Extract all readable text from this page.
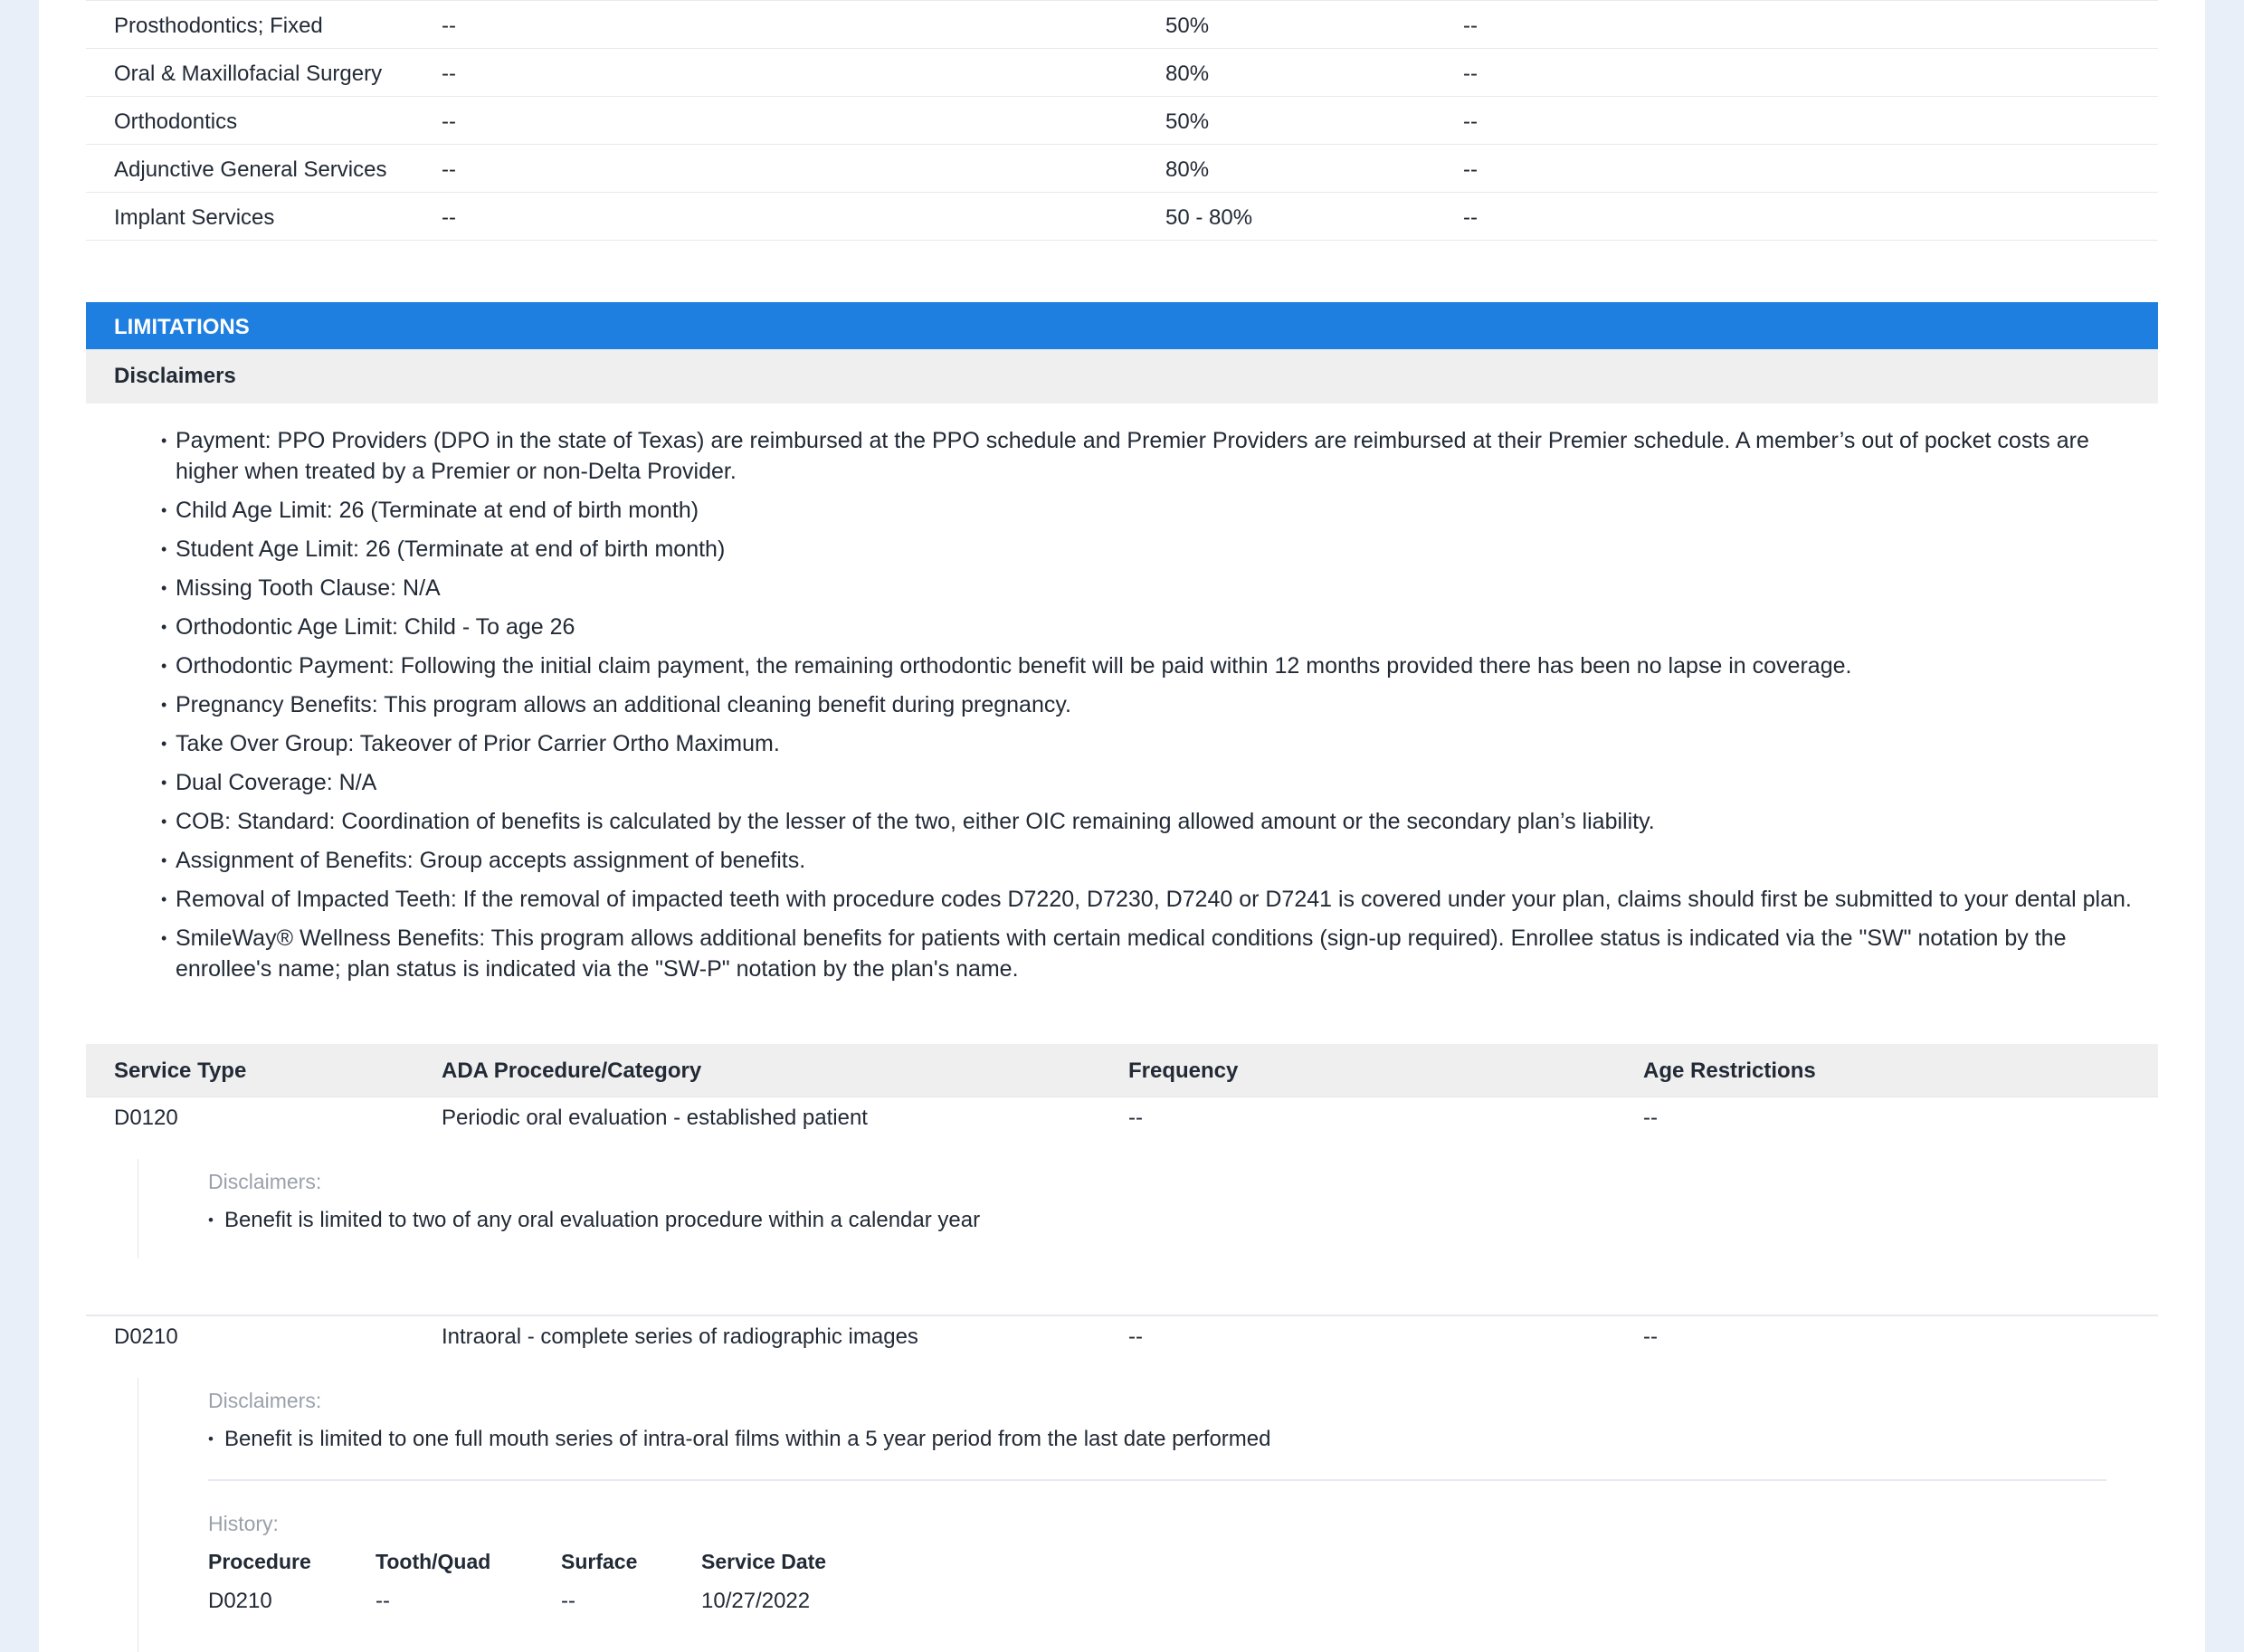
Prosthodontics; Fixed	--	50%	--
Oral & Maxillofacial Surgery	--	80%	--
Orthodontics	--	50%	--
Adjunctive General Services	--	80%	--
Implant Services	--	50 - 80%	--
LIMITATIONS
Disclaimers
• Payment: PPO Providers (DPO in the state of Texas) are reimbursed at the PPO schedule and Premier Providers are reimbursed at their Premier schedule. A member’s out of pocket costs are higher when treated by a Premier or non-Delta Provider.
• Child Age Limit: 26 (Terminate at end of birth month)
• Student Age Limit: 26 (Terminate at end of birth month)
• Missing Tooth Clause: N/A
• Orthodontic Age Limit: Child - To age 26
• Orthodontic Payment: Following the initial claim payment, the remaining orthodontic benefit will be paid within 12 months provided there has been no lapse in coverage.
• Pregnancy Benefits: This program allows an additional cleaning benefit during pregnancy.
• Take Over Group: Takeover of Prior Carrier Ortho Maximum.
• Dual Coverage: N/A
• COB: Standard: Coordination of benefits is calculated by the lesser of the two, either OIC remaining allowed amount or the secondary plan’s liability.
• Assignment of Benefits: Group accepts assignment of benefits.
• Removal of Impacted Teeth: If the removal of impacted teeth with procedure codes D7220, D7230, D7240 or D7241 is covered under your plan, claims should first be submitted to your dental plan.
• SmileWay® Wellness Benefits: This program allows additional benefits for patients with certain medical conditions (sign-up required). Enrollee status is indicated via the "SW" notation by the enrollee's name; plan status is indicated via the "SW-P" notation by the plan's name.
Service Type	ADA Procedure/Category	Frequency	Age Restrictions
D0120	Periodic oral evaluation - established patient	--	--
Disclaimers:
• Benefit is limited to two of any oral evaluation procedure within a calendar year
D0210	Intraoral - complete series of radiographic images	--	--
Disclaimers:
• Benefit is limited to one full mouth series of intra-oral films within a 5 year period from the last date performed
History:
Procedure	Tooth/Quad	Surface	Service Date
D0210	--	--	10/27/2022
